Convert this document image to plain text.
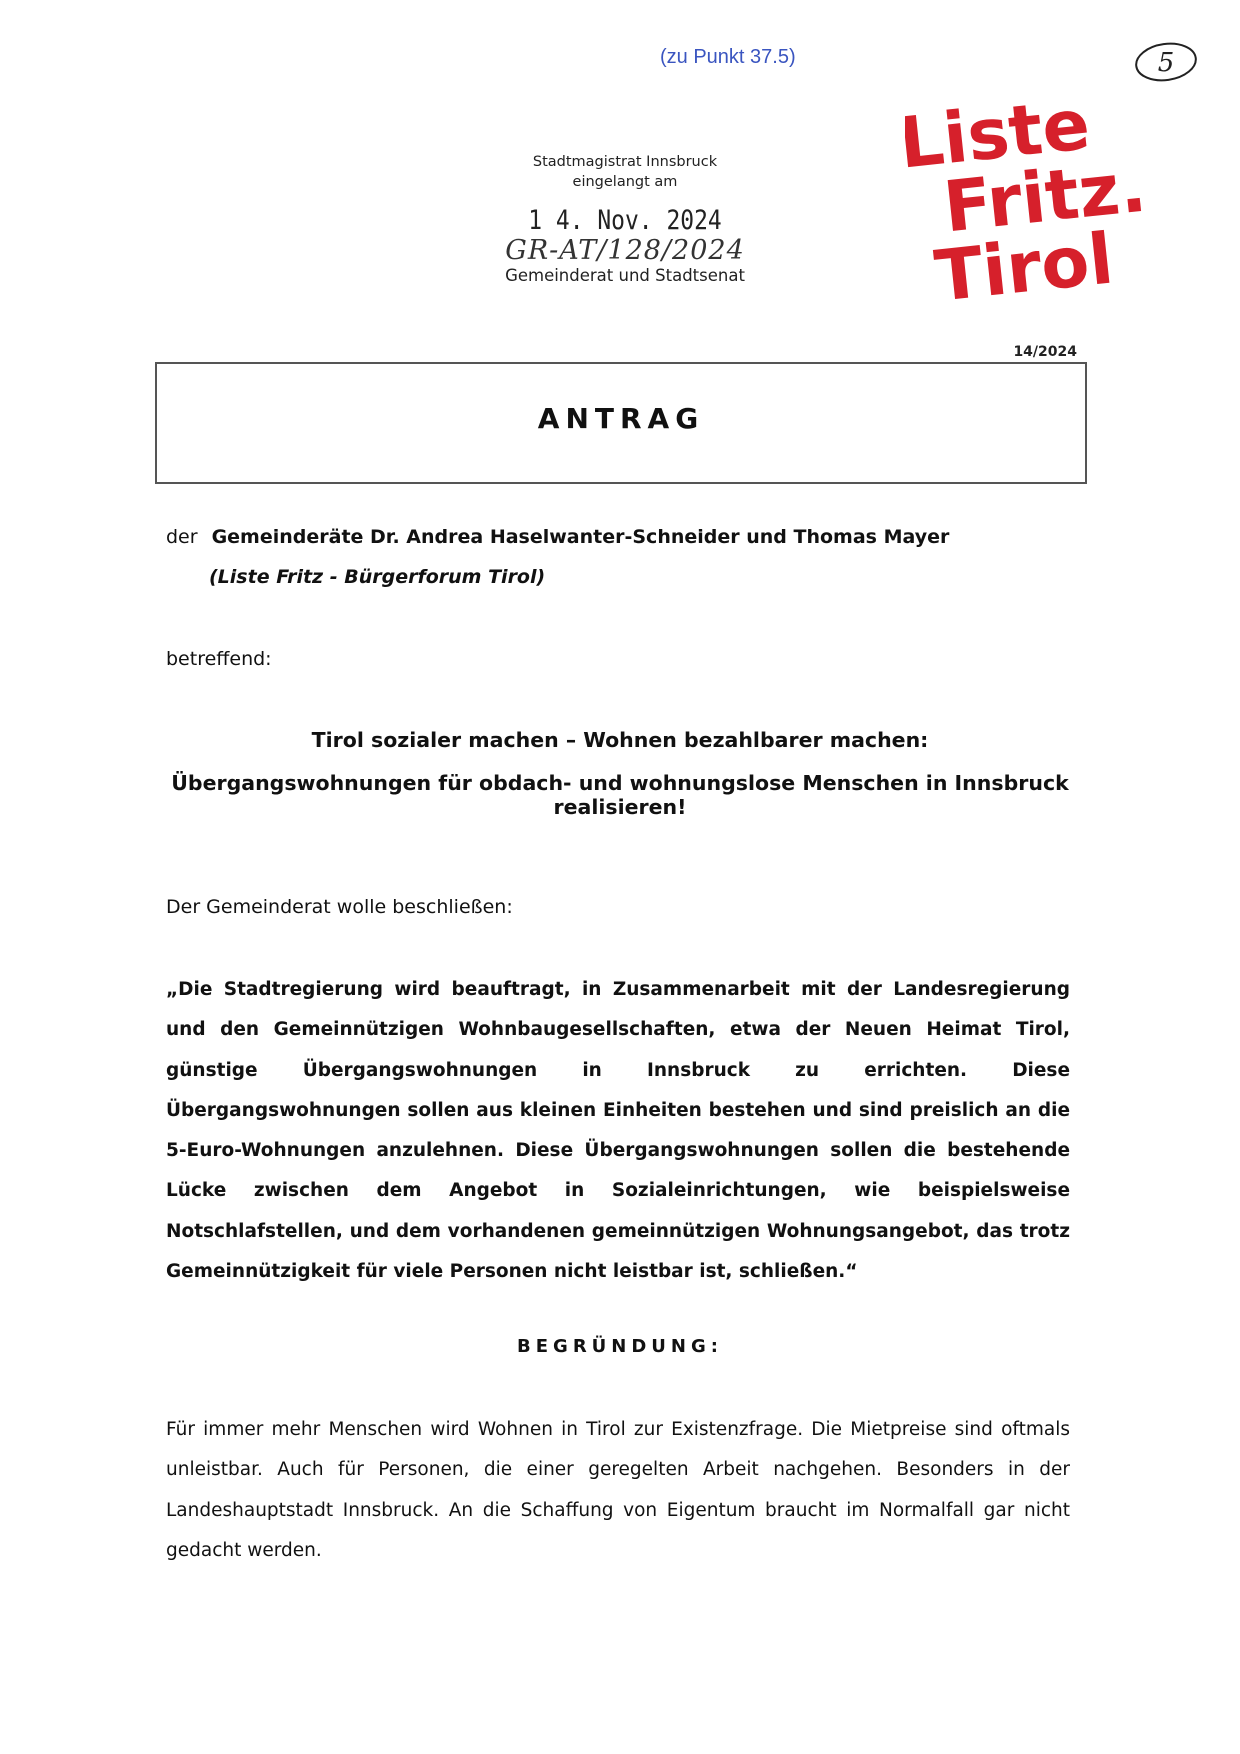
(zu Punkt 37.5)	5
Liste
Fritz.
Tirol
Stadtmagistrat Innsbruck
eingelangt am
1 4. Nov. 2024
GR-AT/128/2024
Gemeinderat und Stadtsenat
14/2024
ANTRAG
der Gemeinderäte Dr. Andrea Haselwanter-Schneider und Thomas Mayer
(Liste Fritz - Bürgerforum Tirol)
betreffend:
Tirol sozialer machen – Wohnen bezahlbarer machen:
Übergangswohnungen für obdach- und wohnungslose Menschen in Innsbruck realisieren!
Der Gemeinderat wolle beschließen:
„Die Stadtregierung wird beauftragt, in Zusammenarbeit mit der Landesregierung und den Gemeinnützigen Wohnbaugesellschaften, etwa der Neuen Heimat Tirol, günstige Übergangswohnungen in Innsbruck zu errichten. Diese Übergangswohnungen sollen aus kleinen Einheiten bestehen und sind preislich an die 5-Euro-Wohnungen anzulehnen. Diese Übergangswohnungen sollen die bestehende Lücke zwischen dem Angebot in Sozialeinrichtungen, wie beispielsweise Notschlafstellen, und dem vorhandenen gemeinnützigen Wohnungsangebot, das trotz Gemeinnützigkeit für viele Personen nicht leistbar ist, schließen.“
BEGRÜNDUNG:
Für immer mehr Menschen wird Wohnen in Tirol zur Existenzfrage. Die Mietpreise sind oftmals unleistbar. Auch für Personen, die einer geregelten Arbeit nachgehen. Besonders in der Landeshauptstadt Innsbruck. An die Schaffung von Eigentum braucht im Normalfall gar nicht gedacht werden.
